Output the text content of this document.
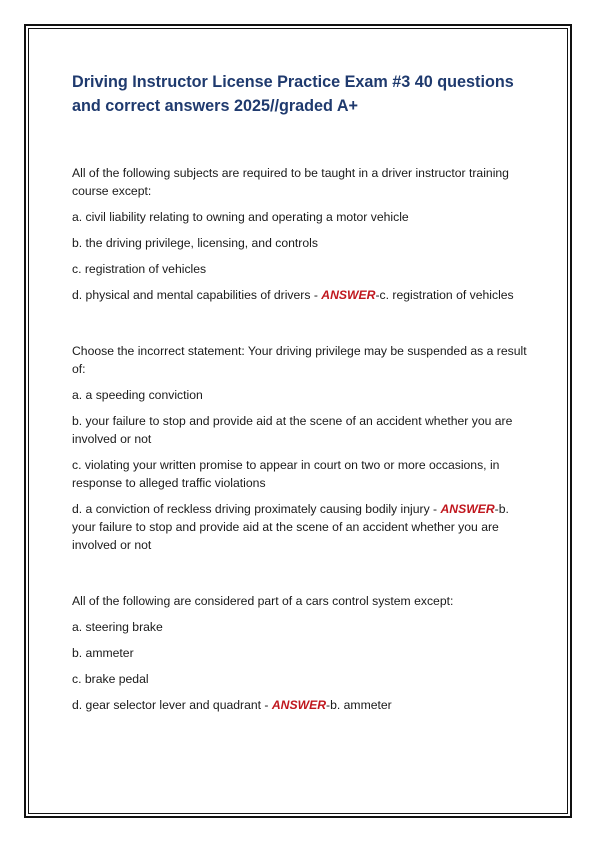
Driving Instructor License Practice Exam #3 40 questions and correct answers 2025//graded A+

All of the following subjects are required to be taught in a driver instructor training course except:

a. civil liability relating to owning and operating a motor vehicle

b. the driving privilege, licensing, and controls

c. registration of vehicles

d. physical and mental capabilities of drivers - ANSWER-c. registration of vehicles

Choose the incorrect statement: Your driving privilege may be suspended as a result of:

a. a speeding conviction

b. your failure to stop and provide aid at the scene of an accident whether you are involved or not

c. violating your written promise to appear in court on two or more occasions, in response to alleged traffic violations

d. a conviction of reckless driving proximately causing bodily injury - ANSWER-b. your failure to stop and provide aid at the scene of an accident whether you are involved or not

All of the following are considered part of a cars control system except:

a. steering brake

b. ammeter

c. brake pedal

d. gear selector lever and quadrant - ANSWER-b. ammeter
